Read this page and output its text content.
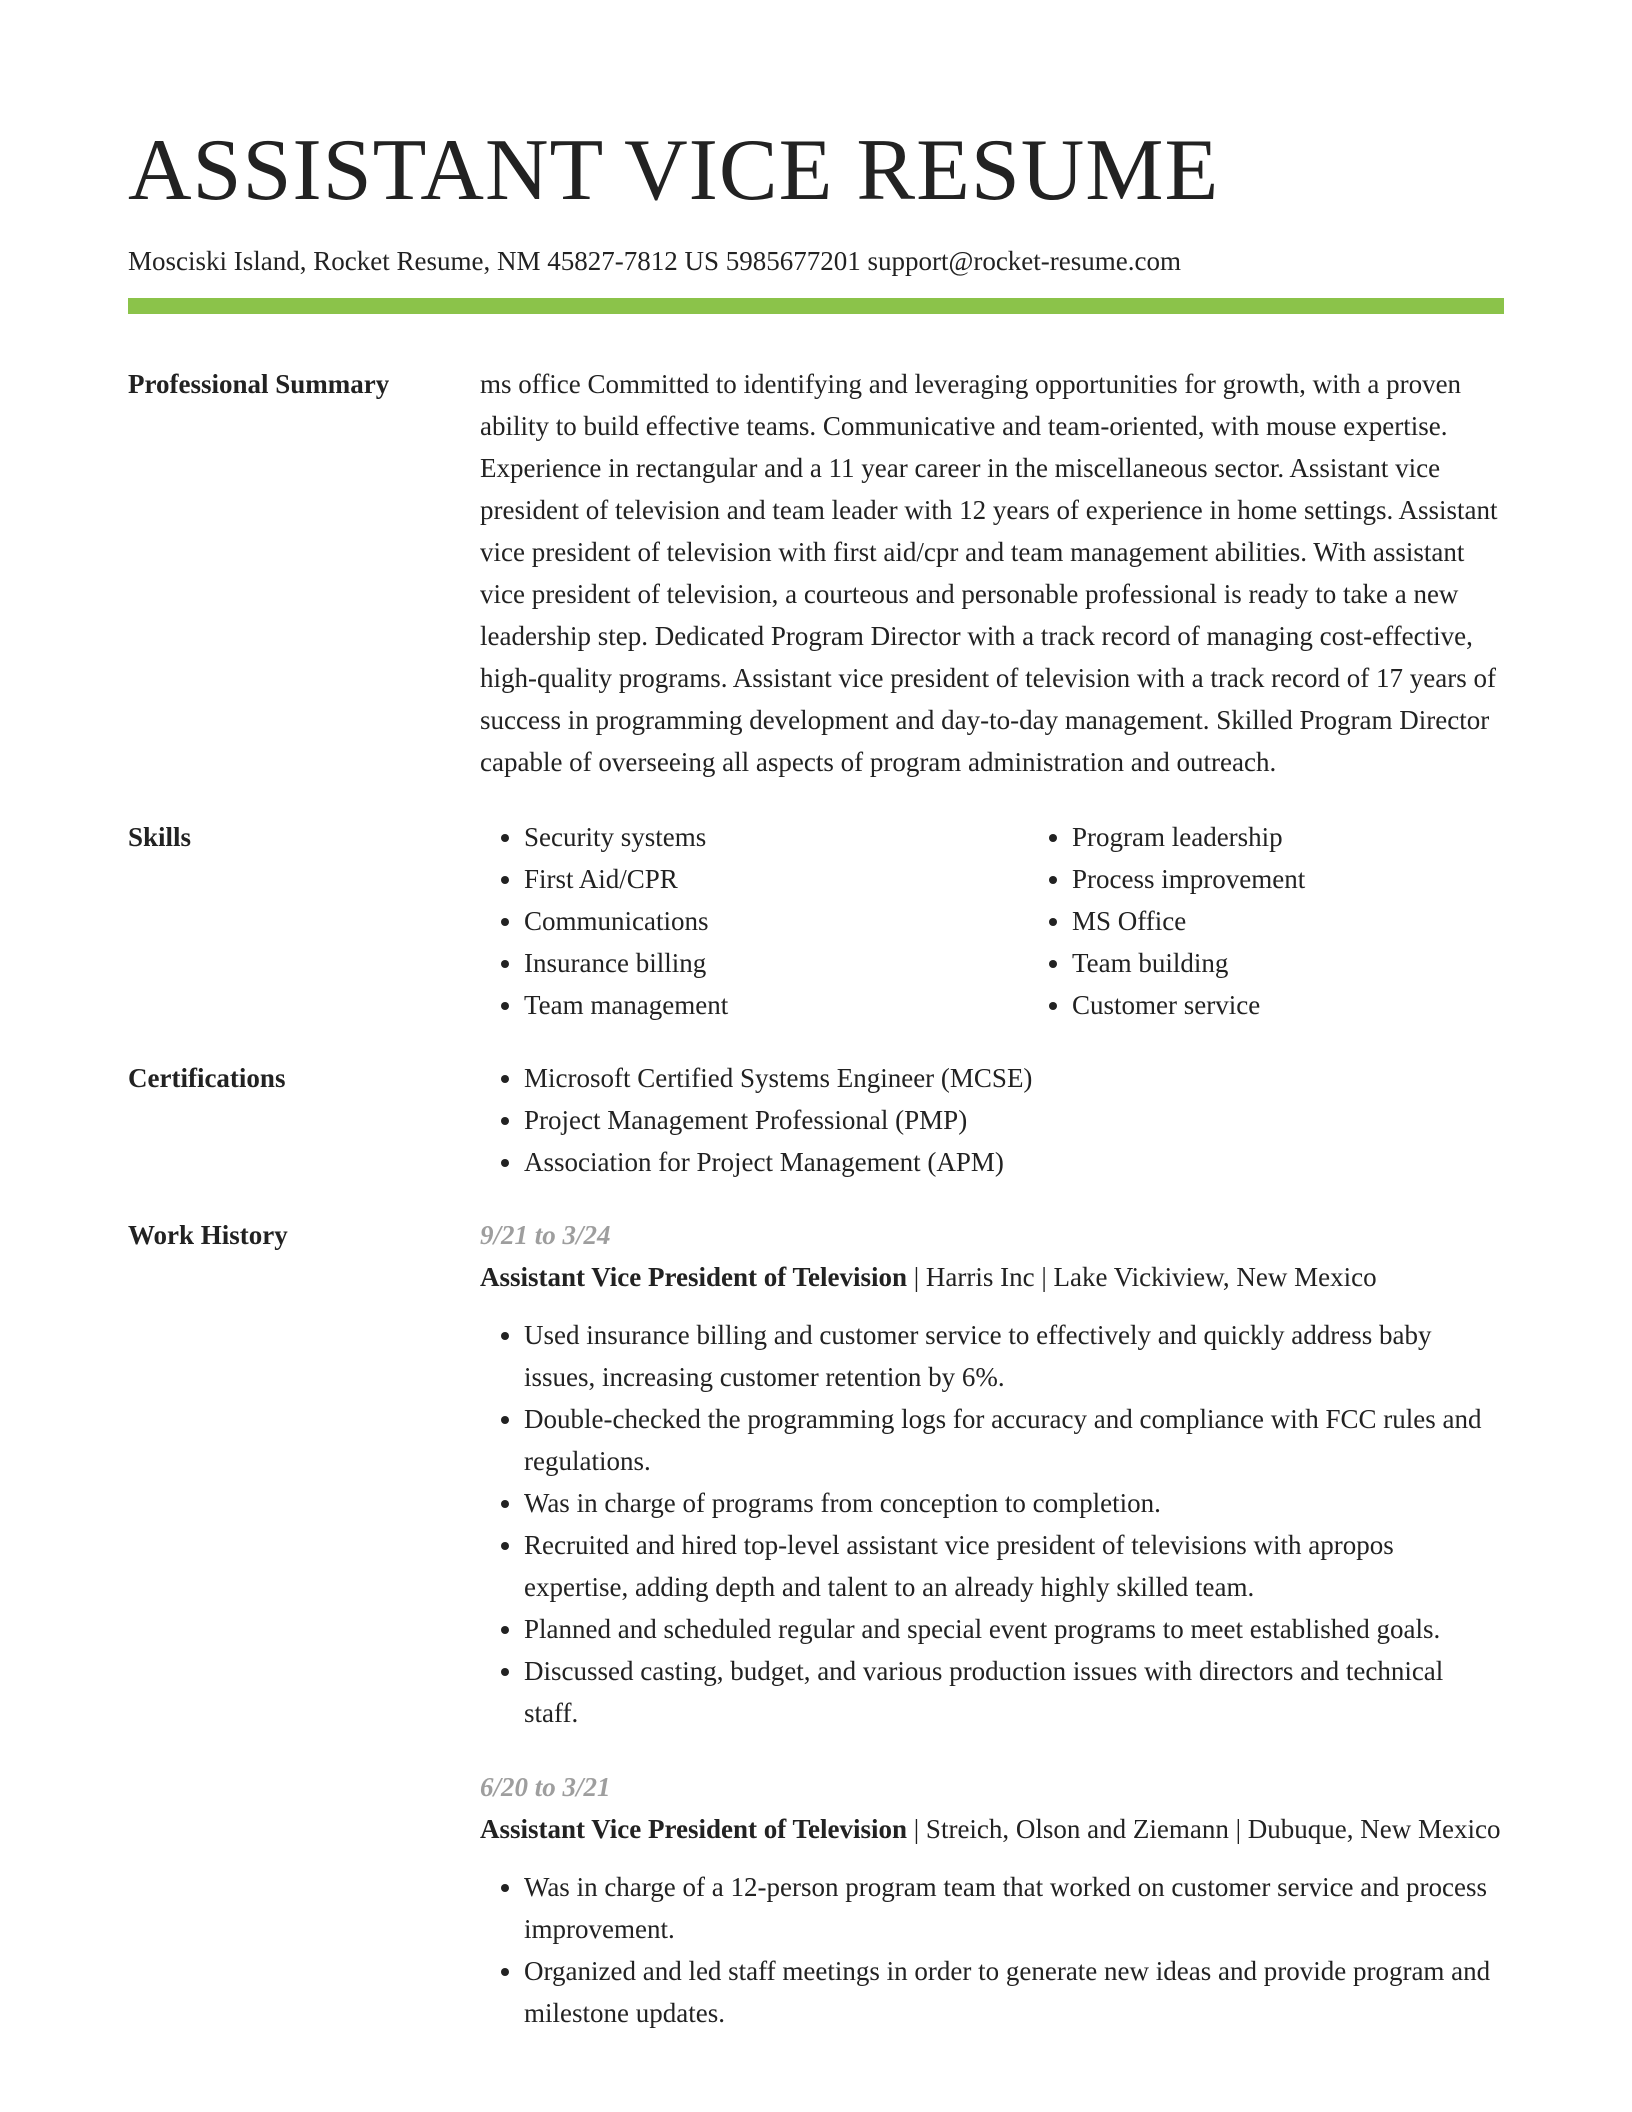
ASSISTANT VICE RESUME
Mosciski Island, Rocket Resume, NM 45827-7812 US 5985677201 support@rocket-resume.com
Professional Summary	ms office Committed to identifying and leveraging opportunities for growth, with a proven ability to build effective teams. Communicative and team-oriented, with mouse expertise. Experience in rectangular and a 11 year career in the miscellaneous sector. Assistant vice president of television and team leader with 12 years of experience in home settings. Assistant vice president of television with first aid/cpr and team management abilities. With assistant vice president of television, a courteous and personable professional is ready to take a new leadership step. Dedicated Program Director with a track record of managing cost-effective, high-quality programs. Assistant vice president of television with a track record of 17 years of success in programming development and day-to-day management. Skilled Program Director capable of overseeing all aspects of program administration and outreach.

Skills	• Security systems
• First Aid/CPR
• Communications
• Insurance billing
• Team management
• Program leadership
• Process improvement
• MS Office
• Team building
• Customer service
Certifications	• Microsoft Certified Systems Engineer (MCSE)
• Project Management Professional (PMP)
• Association for Project Management (APM)
Work History	9/21 to 3/24
Assistant Vice President of Television | Harris Inc | Lake Vickiview, New Mexico
• Used insurance billing and customer service to effectively and quickly address baby issues, increasing customer retention by 6%.
• Double-checked the programming logs for accuracy and compliance with FCC rules and regulations.
• Was in charge of programs from conception to completion.
• Recruited and hired top-level assistant vice president of televisions with apropos expertise, adding depth and talent to an already highly skilled team.
• Planned and scheduled regular and special event programs to meet established goals.
• Discussed casting, budget, and various production issues with directors and technical staff.
6/20 to 3/21
Assistant Vice President of Television | Streich, Olson and Ziemann | Dubuque, New Mexico
• Was in charge of a 12-person program team that worked on customer service and process improvement.
• Organized and led staff meetings in order to generate new ideas and provide program and milestone updates.
